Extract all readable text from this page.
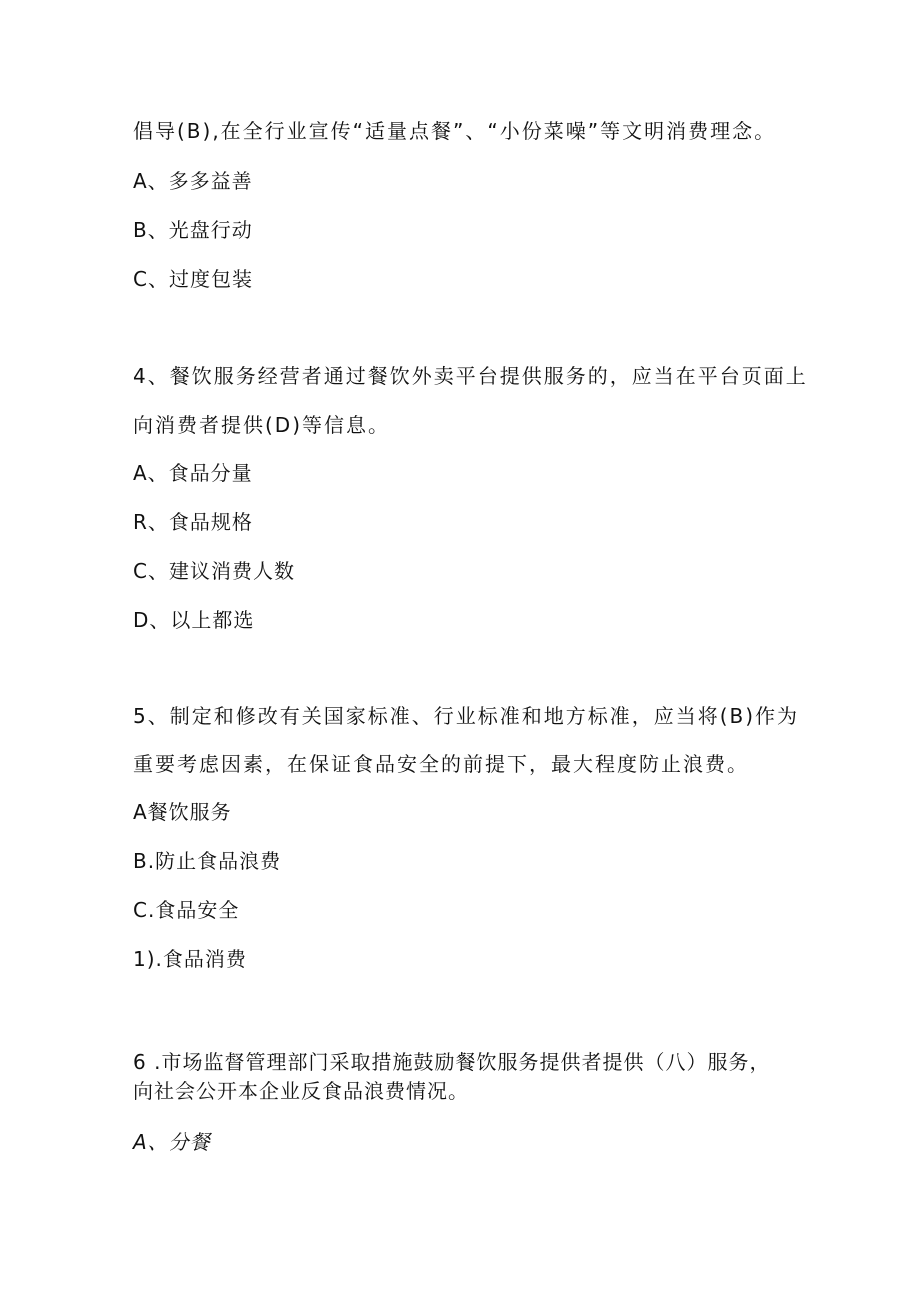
倡导(B),在全行业宣传“适量点餐”、“小份菜噪”等文明消费理念。
A、多多益善
B、光盘行动
C、过度包装
4、餐饮服务经营者通过餐饮外卖平台提供服务的，应当在平台页面上
向消费者提供(D)等信息。
A、食品分量
R、食品规格
C、建议消费人数
D、以上都选
5、制定和修改有关国家标准、行业标准和地方标准，应当将(B)作为
重要考虑因素，在保证食品安全的前提下，最大程度防止浪费。
A餐饮服务
B.防止食品浪费
C.食品安全
1).食品消费
6 .市场监督管理部门采取措施鼓励餐饮服务提供者提供（八）服务，
向社会公开本企业反食品浪费情况。
A、分餐
